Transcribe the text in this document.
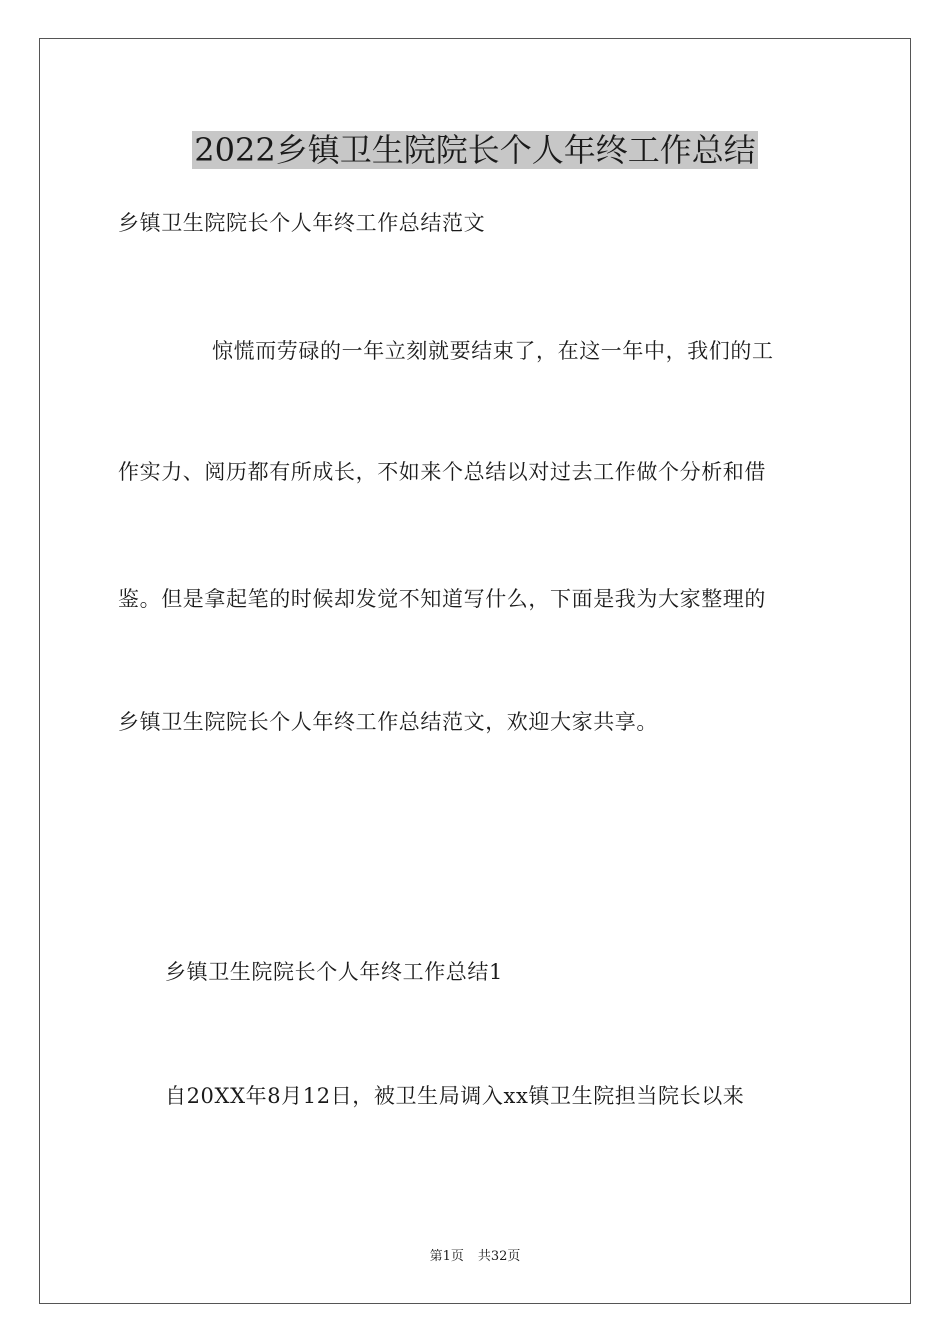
2022乡镇卫生院院长个人年终工作总结
乡镇卫生院院长个人年终工作总结范文
惊慌而劳碌的一年立刻就要结束了，在这一年中，我们的工
作实力、阅历都有所成长，不如来个总结以对过去工作做个分析和借
鉴。但是拿起笔的时候却发觉不知道写什么，下面是我为大家整理的
乡镇卫生院院长个人年终工作总结范文，欢迎大家共享。
乡镇卫生院院长个人年终工作总结1
自20XX年8月12日，被卫生局调入xx镇卫生院担当院长以来
第1页 共32页
